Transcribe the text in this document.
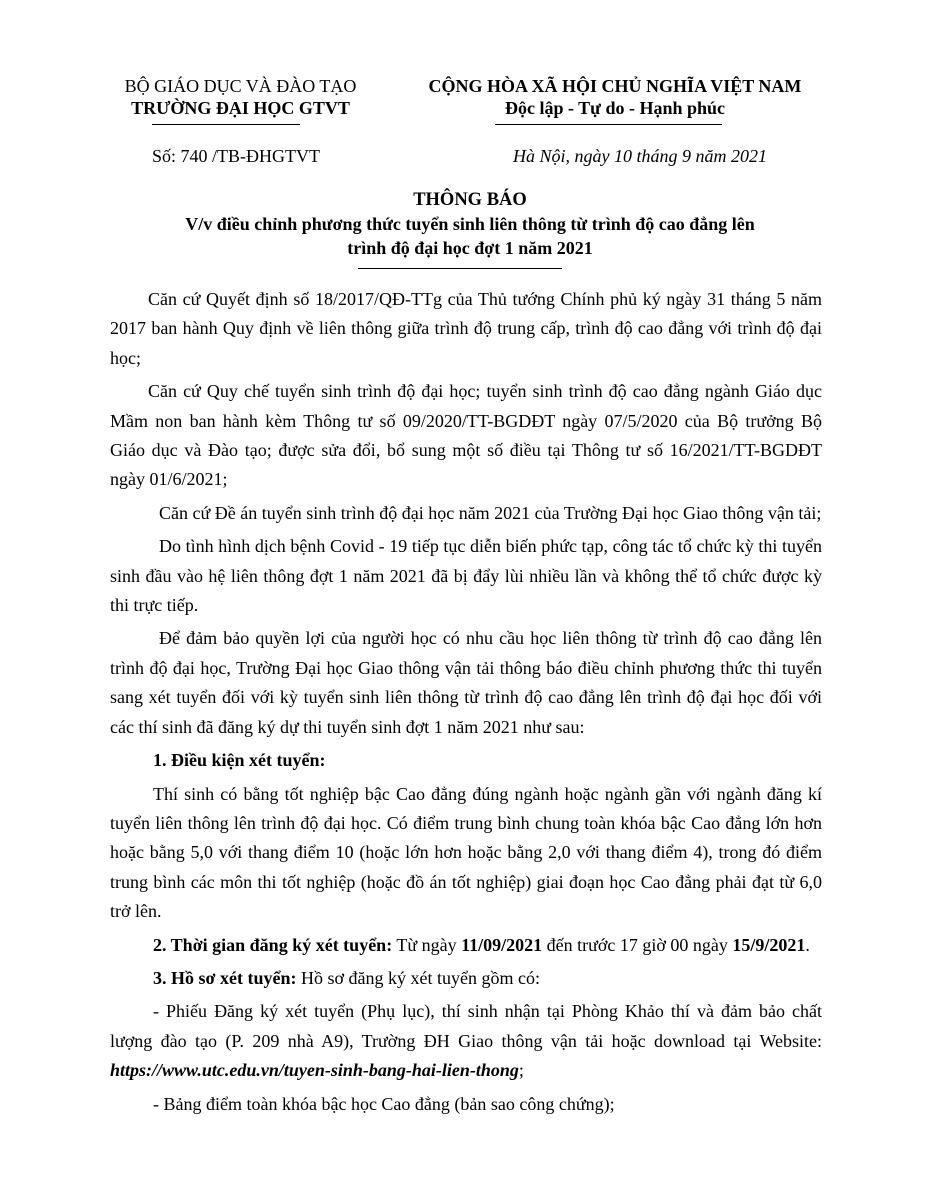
BỘ GIÁO DỤC VÀ ĐÀO TẠO
TRƯỜNG ĐẠI HỌC GTVT
CỘNG HÒA XÃ HỘI CHỦ NGHĨA VIỆT NAM
Độc lập - Tự do - Hạnh phúc
Số: 740 /TB-ĐHGTVT	Hà Nội, ngày 10 tháng 9 năm 2021
THÔNG BÁO
V/v điều chỉnh phương thức tuyển sinh liên thông từ trình độ cao đẳng lên
trình độ đại học đợt 1 năm 2021

Căn cứ Quyết định số 18/2017/QĐ-TTg của Thủ tướng Chính phủ ký ngày 31 tháng 5 năm 2017 ban hành Quy định về liên thông giữa trình độ trung cấp, trình độ cao đẳng với trình độ đại học;

Căn cứ Quy chế tuyển sinh trình độ đại học; tuyển sinh trình độ cao đẳng ngành Giáo dục Mầm non ban hành kèm Thông tư số 09/2020/TT-BGDĐT ngày 07/5/2020 của Bộ trưởng Bộ Giáo dục và Đào tạo; được sửa đổi, bổ sung một số điều tại Thông tư số 16/2021/TT-BGDĐT ngày 01/6/2021;

Căn cứ Đề án tuyển sinh trình độ đại học năm 2021 của Trường Đại học Giao thông vận tải;

Do tình hình dịch bệnh Covid - 19 tiếp tục diễn biến phức tạp, công tác tổ chức kỳ thi tuyển sinh đầu vào hệ liên thông đợt 1 năm 2021 đã bị đẩy lùi nhiều lần và không thể tổ chức được kỳ thi trực tiếp.

Để đảm bảo quyền lợi của người học có nhu cầu học liên thông từ trình độ cao đẳng lên trình độ đại học, Trường Đại học Giao thông vận tải thông báo điều chỉnh phương thức thi tuyển sang xét tuyển đối với kỳ tuyển sinh liên thông từ trình độ cao đẳng lên trình độ đại học đối với các thí sinh đã đăng ký dự thi tuyển sinh đợt 1 năm 2021 như sau:

1. Điều kiện xét tuyển:

Thí sinh có bằng tốt nghiệp bậc Cao đẳng đúng ngành hoặc ngành gần với ngành đăng kí tuyển liên thông lên trình độ đại học. Có điểm trung bình chung toàn khóa bậc Cao đẳng lớn hơn hoặc bằng 5,0 với thang điểm 10 (hoặc lớn hơn hoặc bằng 2,0 với thang điểm 4), trong đó điểm trung bình các môn thi tốt nghiệp (hoặc đồ án tốt nghiệp) giai đoạn học Cao đẳng phải đạt từ 6,0 trở lên.

2. Thời gian đăng ký xét tuyển: Từ ngày 11/09/2021 đến trước 17 giờ 00 ngày 15/9/2021.

3. Hồ sơ xét tuyển: Hồ sơ đăng ký xét tuyển gồm có:

- Phiếu Đăng ký xét tuyển (Phụ lục), thí sinh nhận tại Phòng Khảo thí và đảm bảo chất lượng đào tạo (P. 209 nhà A9), Trường ĐH Giao thông vận tải hoặc download tại Website: https://www.utc.edu.vn/tuyen-sinh-bang-hai-lien-thong;

- Bảng điểm toàn khóa bậc học Cao đẳng (bản sao công chứng);
